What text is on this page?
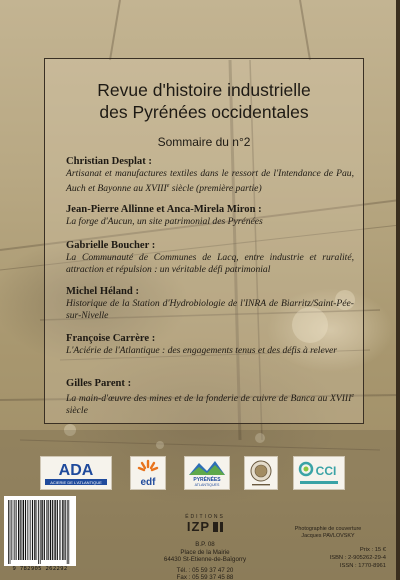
Revue d'histoire industrielle
des Pyrénées occidentales
Sommaire du n°2
Christian Desplat :
Artisanat et manufactures textiles dans le ressort de l'Intendance de Pau, Auch et Bayonne au XVIIIe siècle (première partie)
Jean-Pierre Allinne et Anca-Mirela Miron :
La forge d'Aucun, un site patrimonial des Pyrénées
Gabrielle Boucher :
La Communauté de Communes de Lacq, entre industrie et ruralité, attraction et répulsion : un véritable défi patrimonial
Michel Héland :
Historique de la Station d'Hydrobiologie de l'INRA de Biarritz/Saint-Pée-sur-Nivelle
Françoise Carrère :
L'Aciérie de l'Atlantique : des engagements tenus et des défis à relever
Gilles Parent :
La main-d'œuvre des mines et de la fonderie de cuivre de Banca au XVIIIe siècle
ADA
ACIERIE DE L'ATLANTIQUE	edf	PYRÉNÉES
ATLANTIQUES
CCI
9 782905 262292
ÉDITIONS
IZP

B.P. 08
Place de la Mairie
64430 St-Etienne-de-Baïgorry
Tél. : 05 59 37 47 20
Fax : 05 59 37 45 88
Photographie de couverture
Jacques PAVLOVSKY
Prix : 15 €
ISBN : 2-905262-29-4
ISSN : 1770-8961
